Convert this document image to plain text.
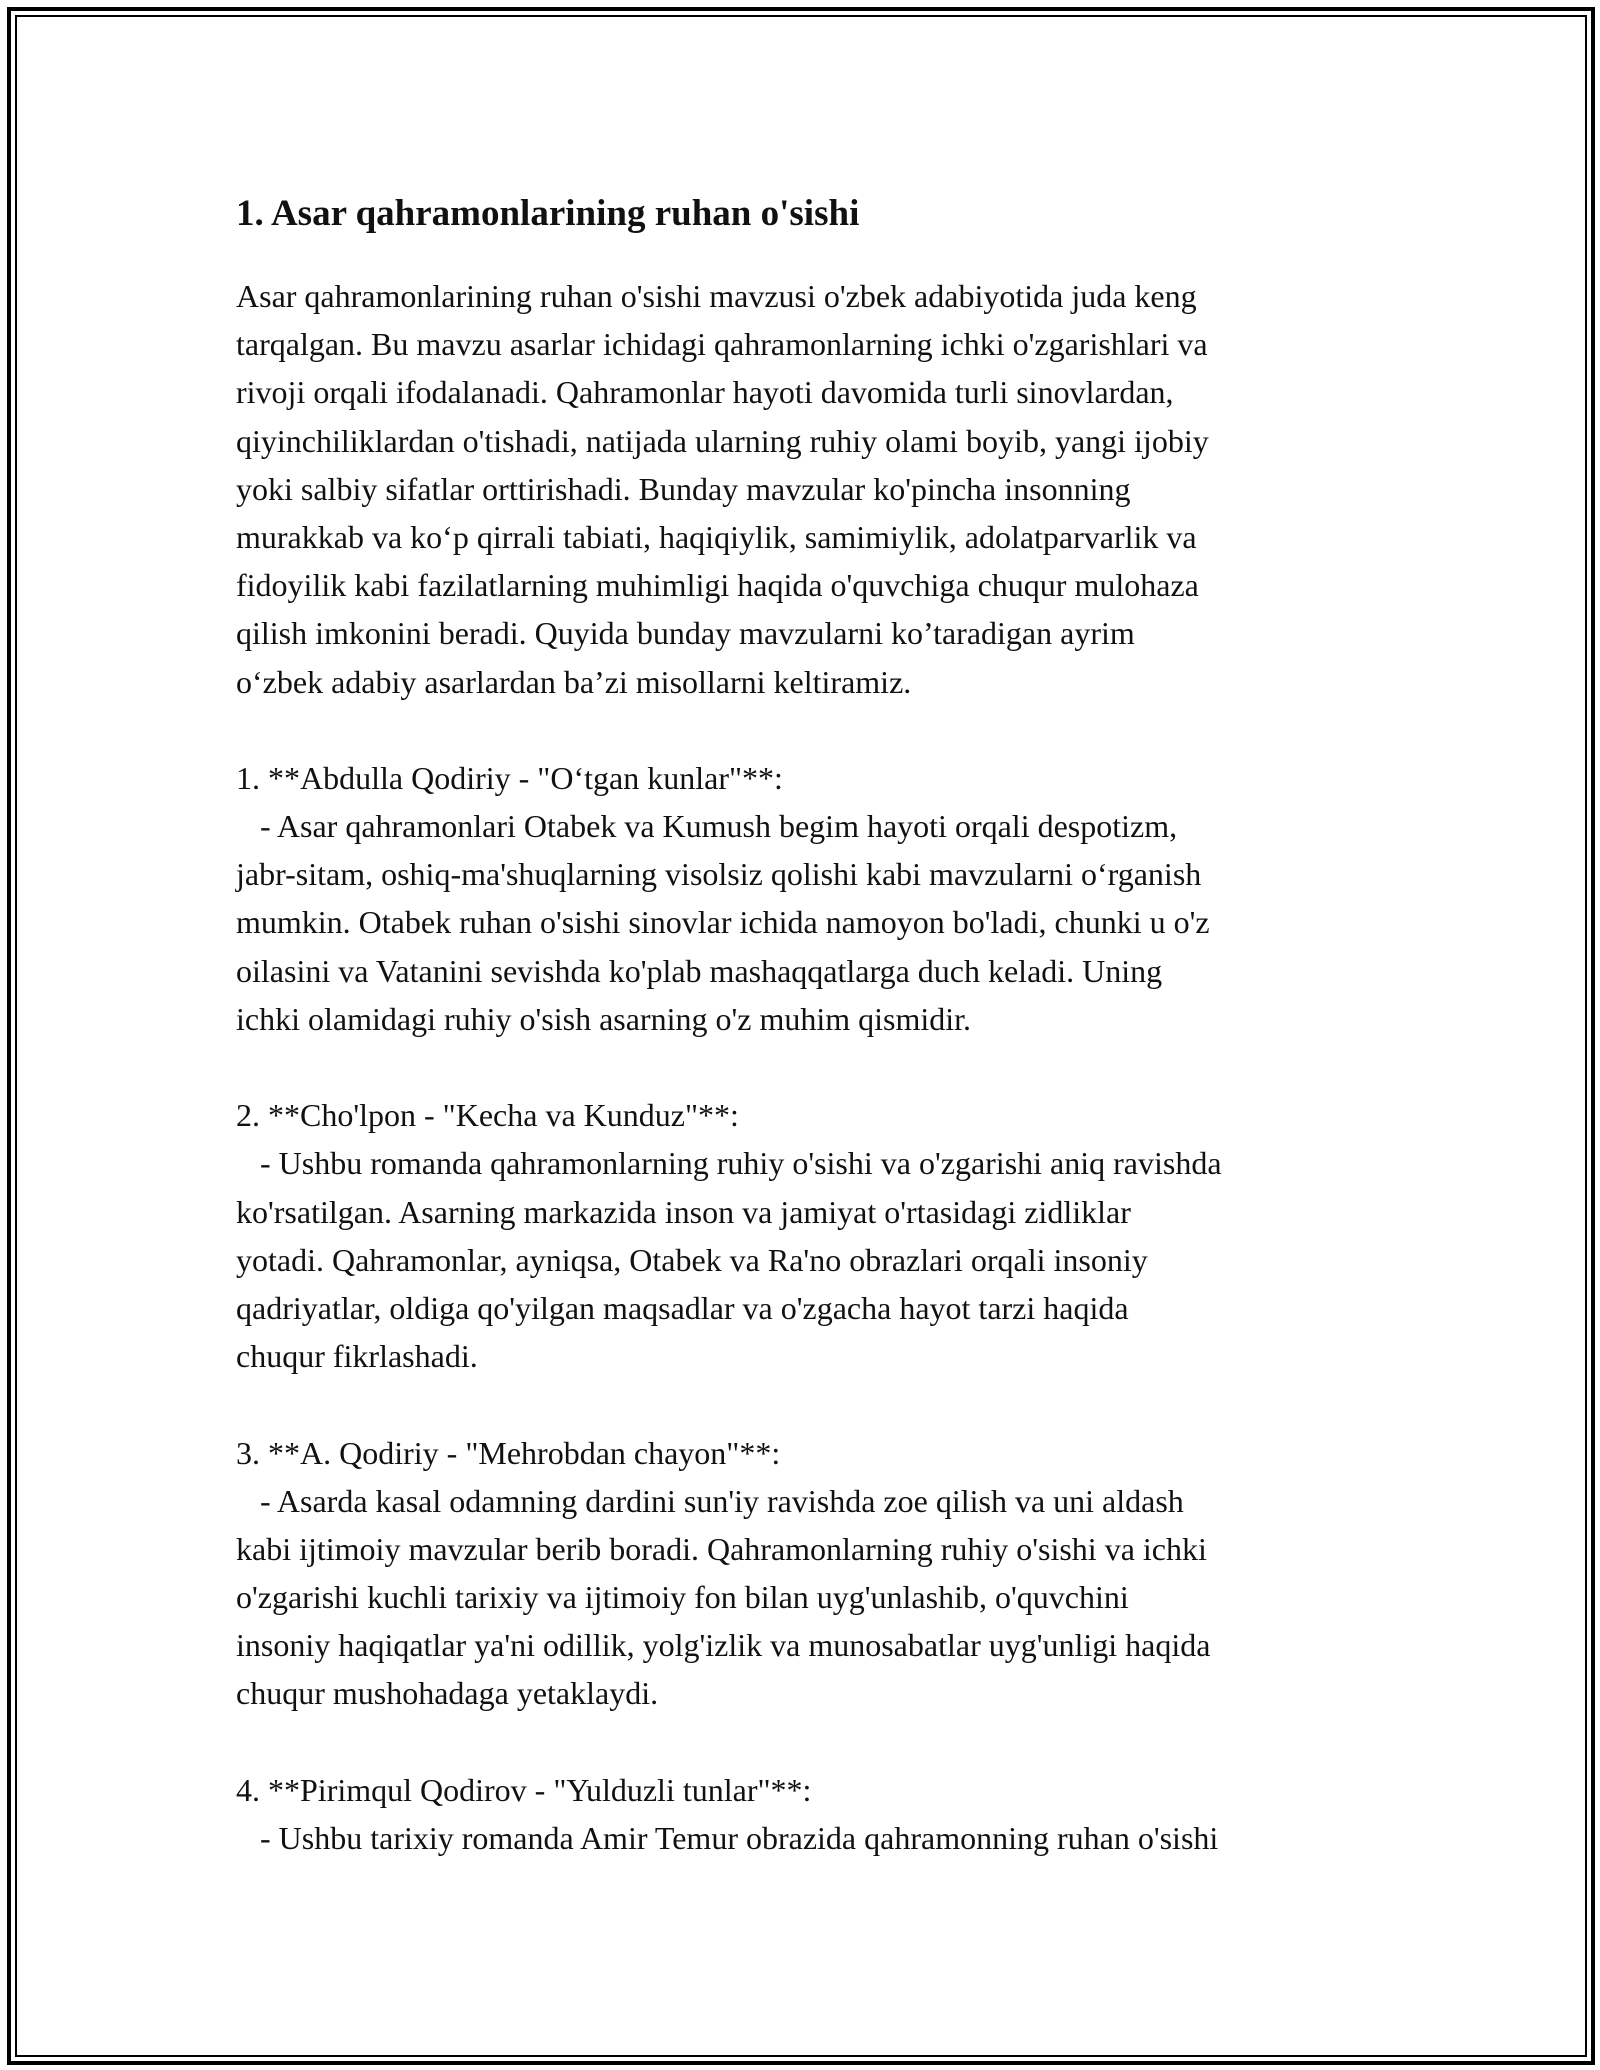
1. Asar qahramonlarining ruhan o'sishi
Asar qahramonlarining ruhan o'sishi mavzusi o'zbek adabiyotida juda keng
tarqalgan. Bu mavzu asarlar ichidagi qahramonlarning ichki o'zgarishlari va
rivoji orqali ifodalanadi. Qahramonlar hayoti davomida turli sinovlardan,
qiyinchiliklardan o'tishadi, natijada ularning ruhiy olami boyib, yangi ijobiy
yoki salbiy sifatlar orttirishadi. Bunday mavzular ko'pincha insonning
murakkab va ko‘p qirrali tabiati, haqiqiylik, samimiylik, adolatparvarlik va
fidoyilik kabi fazilatlarning muhimligi haqida o'quvchiga chuqur mulohaza
qilish imkonini beradi. Quyida bunday mavzularni ko’taradigan ayrim
o‘zbek adabiy asarlardan ba’zi misollarni keltiramiz.
1. **Abdulla Qodiriy - "O‘tgan kunlar"**:
- Asar qahramonlari Otabek va Kumush begim hayoti orqali despotizm,
jabr-sitam, oshiq-ma'shuqlarning visolsiz qolishi kabi mavzularni o‘rganish
mumkin. Otabek ruhan o'sishi sinovlar ichida namoyon bo'ladi, chunki u o'z
oilasini va Vatanini sevishda ko'plab mashaqqatlarga duch keladi. Uning
ichki olamidagi ruhiy o'sish asarning o'z muhim qismidir.
2. **Cho'lpon - "Kecha va Kunduz"**:
- Ushbu romanda qahramonlarning ruhiy o'sishi va o'zgarishi aniq ravishda
ko'rsatilgan. Asarning markazida inson va jamiyat o'rtasidagi zidliklar
yotadi. Qahramonlar, ayniqsa, Otabek va Ra'no obrazlari orqali insoniy
qadriyatlar, oldiga qo'yilgan maqsadlar va o'zgacha hayot tarzi haqida
chuqur fikrlashadi.
3. **A. Qodiriy - "Mehrobdan chayon"**:
- Asarda kasal odamning dardini sun'iy ravishda zoe qilish va uni aldash
kabi ijtimoiy mavzular berib boradi. Qahramonlarning ruhiy o'sishi va ichki
o'zgarishi kuchli tarixiy va ijtimoiy fon bilan uyg'unlashib, o'quvchini
insoniy haqiqatlar ya'ni odillik, yolg'izlik va munosabatlar uyg'unligi haqida
chuqur mushohadaga yetaklaydi.
4. **Pirimqul Qodirov - "Yulduzli tunlar"**:
- Ushbu tarixiy romanda Amir Temur obrazida qahramonning ruhan o'sishi
